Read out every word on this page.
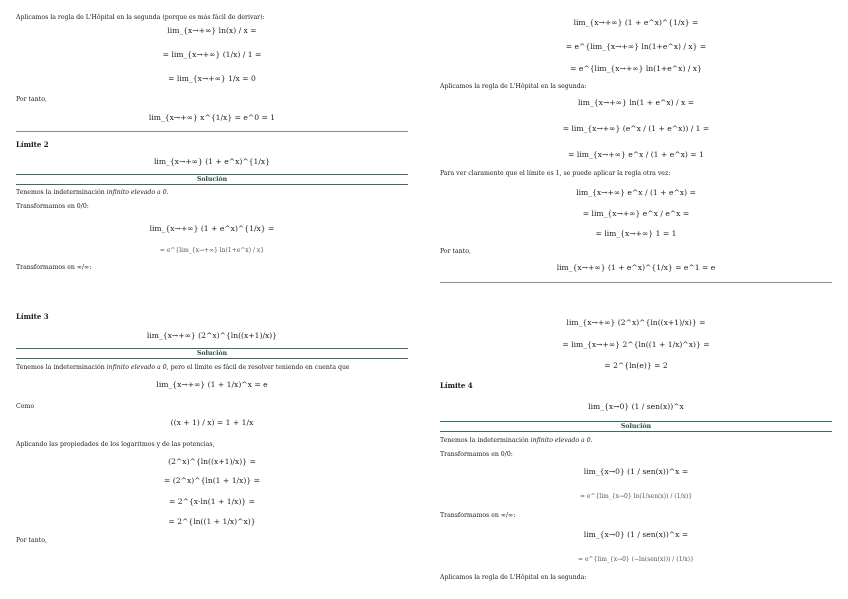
Aplicamos la regla de L'Hôpital en la segunda (porque es más fácil de derivar):
lim_{x→+∞} ln(x) / x =
= lim_{x→+∞} (1/x) / 1 =
= lim_{x→+∞} 1/x = 0
Por tanto,
lim_{x→+∞} x^{1/x} = e^0 = 1
Límite 2
lim_{x→+∞} (1 + e^x)^{1/x}
Solución
Tenemos la indeterminación infinito elevado a 0.
Transformamos en 0/0:
lim_{x→+∞} (1 + e^x)^{1/x} =
= e^{lim_{x→+∞} ln(1+e^x) / x}
Transformamos en ∞/∞:
Límite 3
lim_{x→+∞} (2^x)^{ln((x+1)/x)}
Solución
Tenemos la indeterminación infinito elevado a 0, pero el límite es fácil de resolver teniendo en cuenta que
lim_{x→+∞} (1 + 1/x)^x = e
Como
((x + 1) / x) = 1 + 1/x
Aplicando las propiedades de los logaritmos y de las potencias,
(2^x)^{ln((x+1)/x)} =
= (2^x)^{ln(1 + 1/x)} =
= 2^{x·ln(1 + 1/x)} =
= 2^{ln((1 + 1/x)^x)}
Por tanto,
lim_{x→+∞} (1 + e^x)^{1/x} =
= e^{lim_{x→+∞} ln(1+e^x) / x} =
= e^{lim_{x→+∞} ln(1+e^x) / x}
Aplicamos la regla de L'Hôpital en la segunda:
lim_{x→+∞} ln(1 + e^x) / x =
= lim_{x→+∞} (e^x / (1 + e^x)) / 1 =
= lim_{x→+∞} e^x / (1 + e^x) = 1
Para ver claramente que el límite es 1, se puede aplicar la regla otra vez:
lim_{x→+∞} e^x / (1 + e^x) =
= lim_{x→+∞} e^x / e^x =
= lim_{x→+∞} 1 = 1
Por tanto,
lim_{x→+∞} (1 + e^x)^{1/x} = e^1 = e
lim_{x→+∞} (2^x)^{ln((x+1)/x)} =
= lim_{x→+∞} 2^{ln((1 + 1/x)^x)} =
= 2^{ln(e)} = 2
Límite 4
lim_{x→0} (1 / sen(x))^x
Solución
Tenemos la indeterminación infinito elevado a 0.
Transformamos en 0/0:
lim_{x→0} (1 / sen(x))^x =
= e^{lim_{x→0} ln(1/sen(x)) / (1/x)}
Transformamos en ∞/∞:
lim_{x→0} (1 / sen(x))^x =
= e^{lim_{x→0} (−ln(sen(x))) / (1/x)}
Aplicamos la regla de L'Hôpital en la segunda:
